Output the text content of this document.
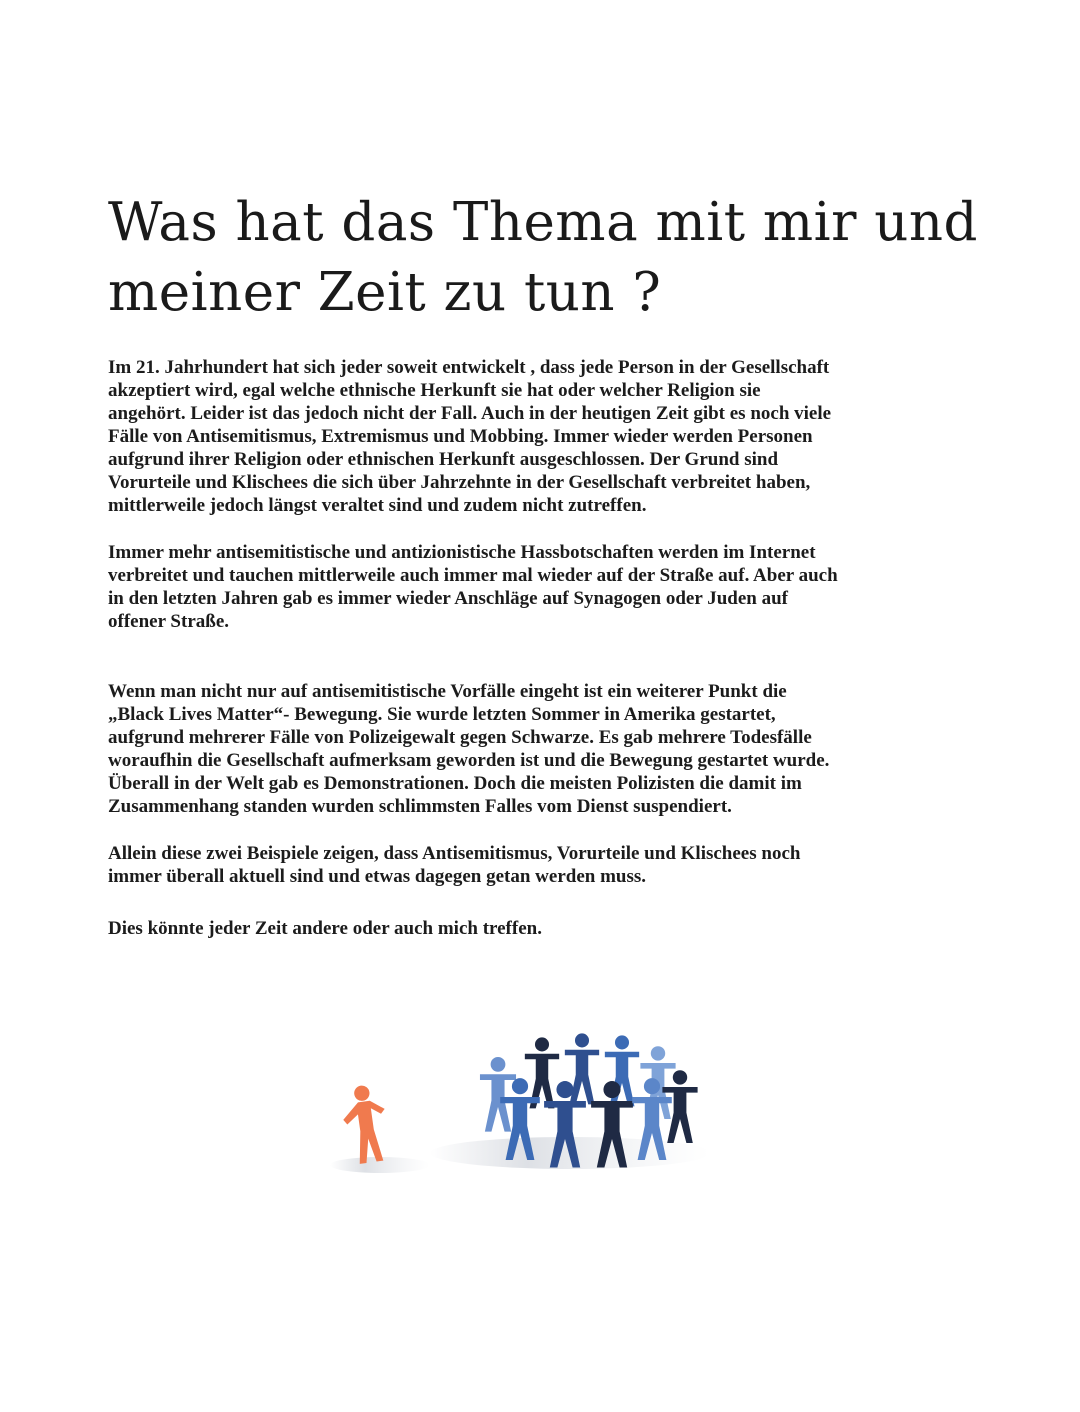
Was hat das Thema mit mir und
meiner Zeit zu tun ?

Im 21. Jahrhundert hat sich jeder soweit entwickelt , dass jede Person in der Gesellschaft
akzeptiert wird, egal welche ethnische Herkunft sie hat oder welcher Religion sie
angehört. Leider ist das jedoch nicht der Fall. Auch in der heutigen Zeit gibt es noch viele
Fälle von Antisemitismus, Extremismus und Mobbing. Immer wieder werden Personen
aufgrund ihrer Religion oder ethnischen Herkunft ausgeschlossen. Der Grund sind
Vorurteile und Klischees die sich über Jahrzehnte in der Gesellschaft verbreitet haben,
mittlerweile jedoch längst veraltet sind und zudem nicht zutreffen.

Immer mehr antisemitistische und antizionistische Hassbotschaften werden im Internet
verbreitet und tauchen mittlerweile auch immer mal wieder auf der Straße auf. Aber auch
in den letzten Jahren gab es immer wieder Anschläge auf Synagogen oder Juden auf
offener Straße.

Wenn man nicht nur auf antisemitistische Vorfälle eingeht ist ein weiterer Punkt die
„Black Lives Matter“- Bewegung. Sie wurde letzten Sommer in Amerika gestartet,
aufgrund mehrerer Fälle von Polizeigewalt gegen Schwarze. Es gab mehrere Todesfälle
woraufhin die Gesellschaft aufmerksam geworden ist und die Bewegung gestartet wurde.
Überall in der Welt gab es Demonstrationen. Doch die meisten Polizisten die damit im
Zusammenhang standen wurden schlimmsten Falles vom Dienst suspendiert.

Allein diese zwei Beispiele zeigen, dass Antisemitismus, Vorurteile und Klischees noch
immer überall aktuell sind und etwas dagegen getan werden muss.

Dies könnte jeder Zeit andere oder auch mich treffen.
